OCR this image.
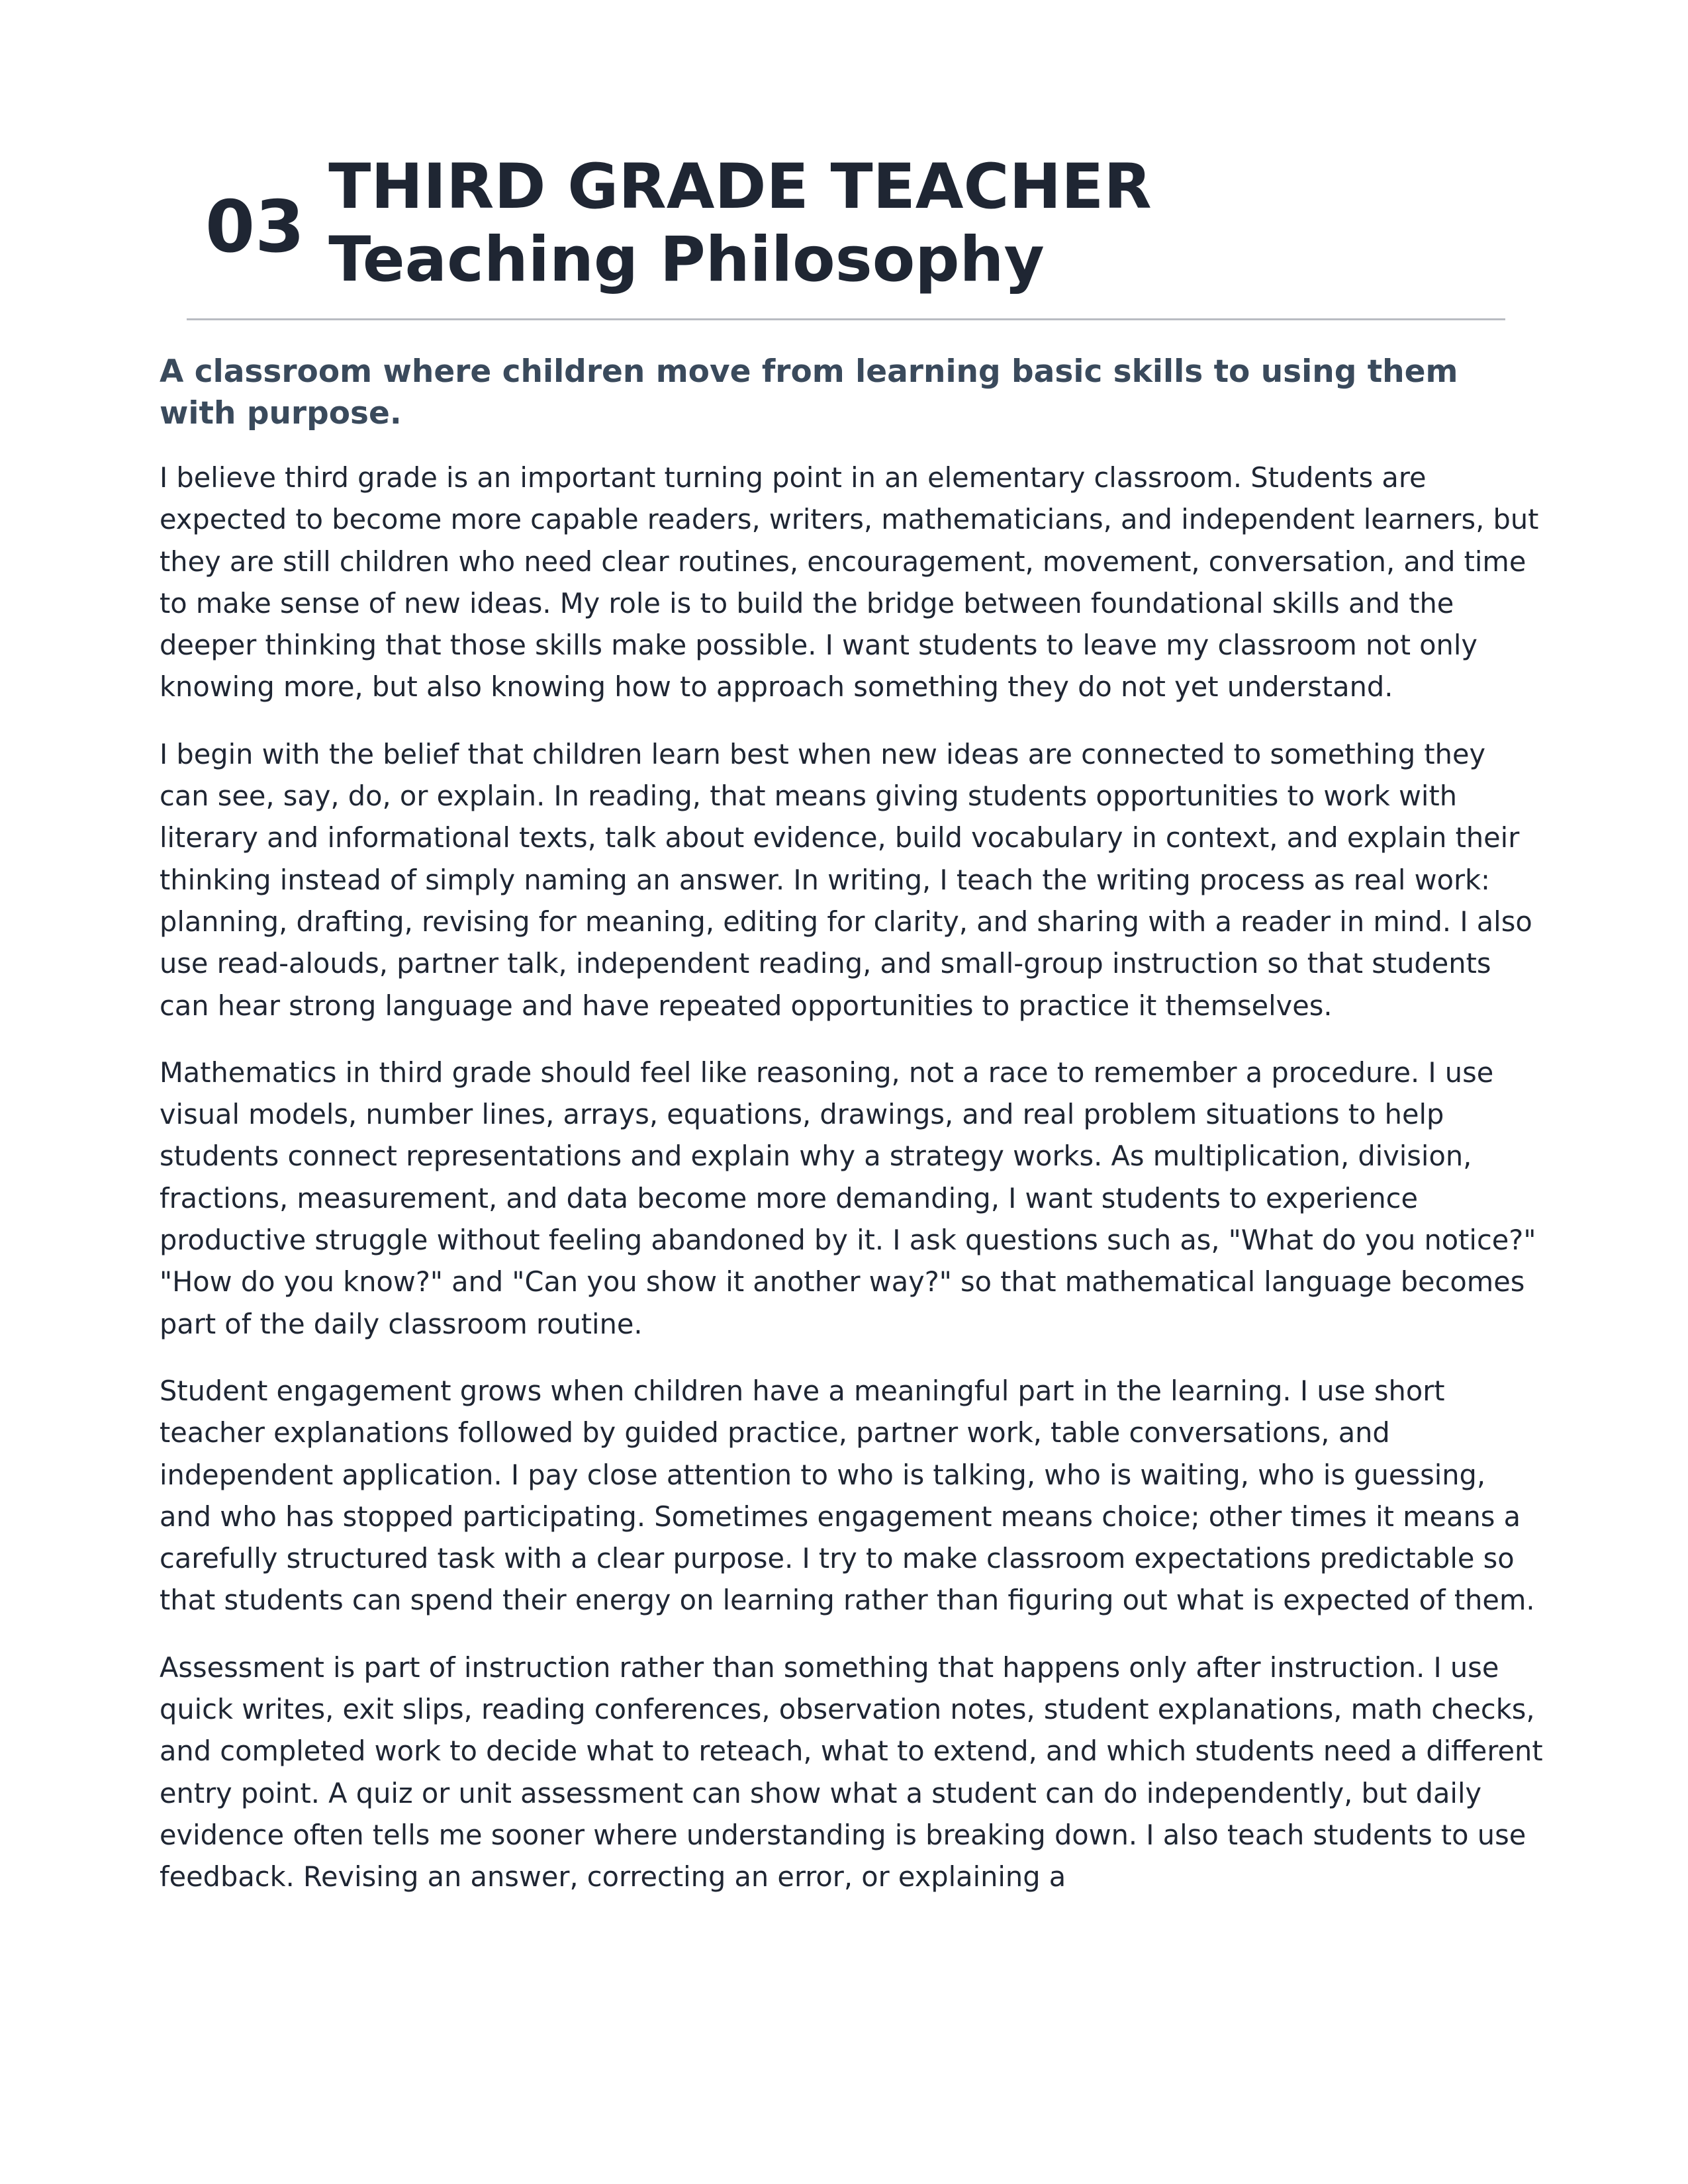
03 THIRD GRADE TEACHER
Teaching Philosophy

A classroom where children move from learning basic skills to using them with purpose.

I believe third grade is an important turning point in an elementary classroom. Students are expected to become more capable readers, writers, mathematicians, and independent learners, but they are still children who need clear routines, encouragement, movement, conversation, and time to make sense of new ideas. My role is to build the bridge between foundational skills and the deeper thinking that those skills make possible. I want students to leave my classroom not only knowing more, but also knowing how to approach something they do not yet understand.

I begin with the belief that children learn best when new ideas are connected to something they can see, say, do, or explain. In reading, that means giving students opportunities to work with literary and informational texts, talk about evidence, build vocabulary in context, and explain their thinking instead of simply naming an answer. In writing, I teach the writing process as real work: planning, drafting, revising for meaning, editing for clarity, and sharing with a reader in mind. I also use read-alouds, partner talk, independent reading, and small-group instruction so that students can hear strong language and have repeated opportunities to practice it themselves.

Mathematics in third grade should feel like reasoning, not a race to remember a procedure. I use visual models, number lines, arrays, equations, drawings, and real problem situations to help students connect representations and explain why a strategy works. As multiplication, division, fractions, measurement, and data become more demanding, I want students to experience productive struggle without feeling abandoned by it. I ask questions such as, "What do you notice?" "How do you know?" and "Can you show it another way?" so that mathematical language becomes part of the daily classroom routine.

Student engagement grows when children have a meaningful part in the learning. I use short teacher explanations followed by guided practice, partner work, table conversations, and independent application. I pay close attention to who is talking, who is waiting, who is guessing, and who has stopped participating. Sometimes engagement means choice; other times it means a carefully structured task with a clear purpose. I try to make classroom expectations predictable so that students can spend their energy on learning rather than figuring out what is expected of them.

Assessment is part of instruction rather than something that happens only after instruction. I use quick writes, exit slips, reading conferences, observation notes, student explanations, math checks, and completed work to decide what to reteach, what to extend, and which students need a different entry point. A quiz or unit assessment can show what a student can do independently, but daily evidence often tells me sooner where understanding is breaking down. I also teach students to use feedback. Revising an answer, correcting an error, or explaining a
